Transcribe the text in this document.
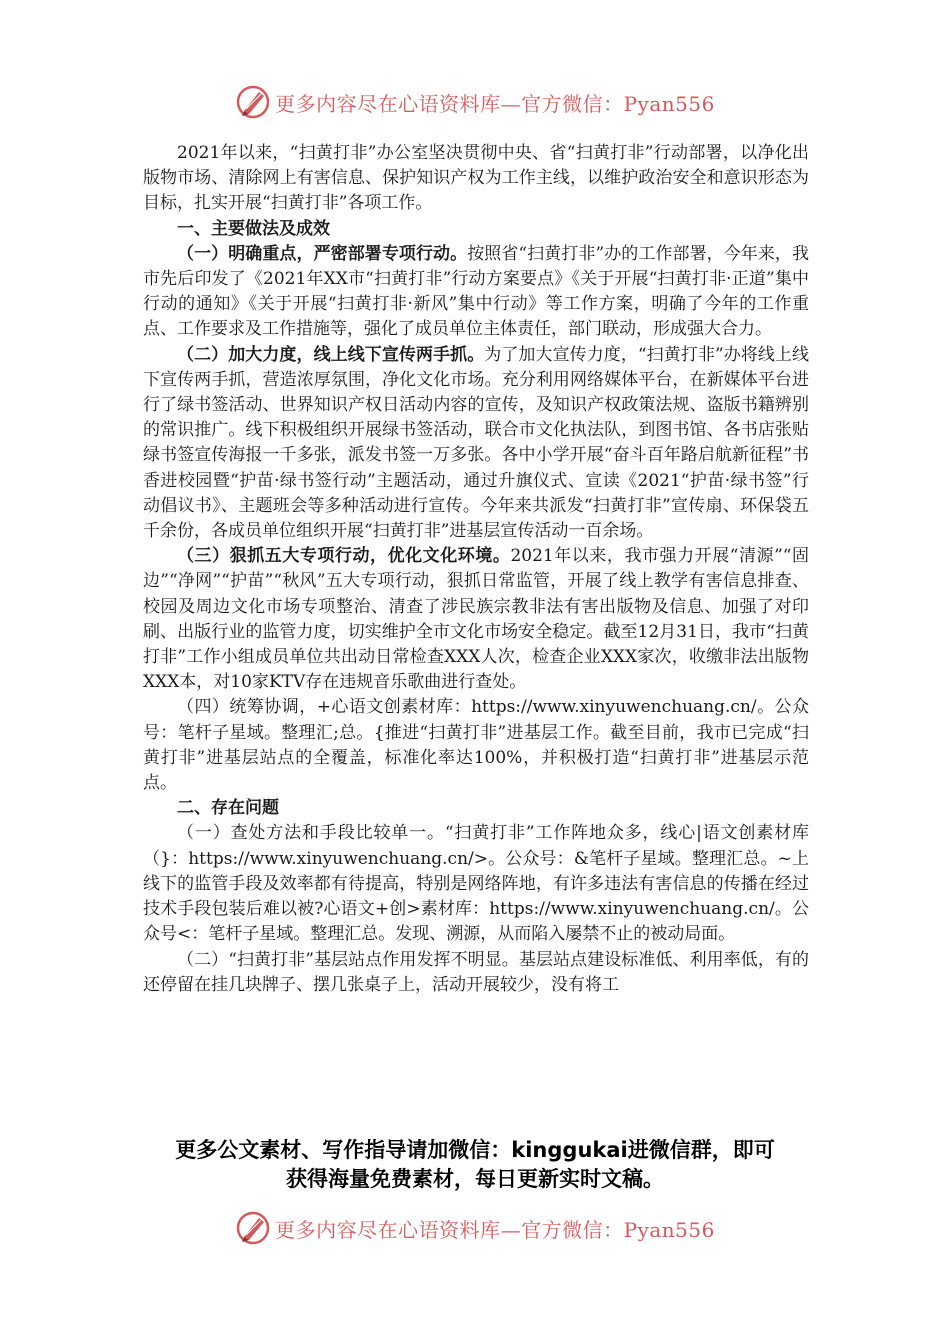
更多内容尽在心语资料库—官方微信：Pyan556

2021年以来，“扫黄打非”办公室坚决贯彻中央、省“扫黄打非”行动部署，以净化出版物市场、清除网上有害信息、保护知识产权为工作主线，以维护政治安全和意识形态为目标，扎实开展“扫黄打非”各项工作。

一、主要做法及成效

（一）明确重点，严密部署专项行动。按照省“扫黄打非”办的工作部署，今年来，我市先后印发了《2021年XX市“扫黄打非”行动方案要点》《关于开展“扫黄打非·正道”集中行动的通知》《关于开展“扫黄打非·新风”集中行动》等工作方案，明确了今年的工作重点、工作要求及工作措施等，强化了成员单位主体责任，部门联动，形成强大合力。

（二）加大力度，线上线下宣传两手抓。为了加大宣传力度，“扫黄打非”办将线上线下宣传两手抓，营造浓厚氛围，净化文化市场。充分利用网络媒体平台，在新媒体平台进行了绿书签活动、世界知识产权日活动内容的宣传，及知识产权政策法规、盗版书籍辨别的常识推广。线下积极组织开展绿书签活动，联合市文化执法队，到图书馆、各书店张贴绿书签宣传海报一千多张，派发书签一万多张。各中小学开展“奋斗百年路启航新征程”书香进校园暨“护苗·绿书签行动”主题活动，通过升旗仪式、宣读《2021“护苗·绿书签”行动倡议书》、主题班会等多种活动进行宣传。今年来共派发“扫黄打非”宣传扇、环保袋五千余份，各成员单位组织开展“扫黄打非”进基层宣传活动一百余场。

（三）狠抓五大专项行动，优化文化环境。2021年以来，我市强力开展“清源”“固边”“净网”“护苗”“秋风”五大专项行动，狠抓日常监管，开展了线上教学有害信息排查、校园及周边文化市场专项整治、清查了涉民族宗教非法有害出版物及信息、加强了对印刷、出版行业的监管力度，切实维护全市文化市场安全稳定。截至12月31日，我市“扫黄打非”工作小组成员单位共出动日常检查XXX人次，检查企业XXX家次，收缴非法出版物XXX本，对10家KTV存在违规音乐歌曲进行查处。

（四）统筹协调，+心语文创素材库：https://www.xinyuwenchuang.cn/。公众号：笔杆子星域。整理汇;总。{推进“扫黄打非”进基层工作。截至目前，我市已完成“扫黄打非”进基层站点的全覆盖，标准化率达100%，并积极打造“扫黄打非”进基层示范点。

二、存在问题

（一）查处方法和手段比较单一。“扫黄打非”工作阵地众多，线心|语文创素材库（}：https://www.xinyuwenchuang.cn/>。公众号：&笔杆子星域。整理汇总。~上线下的监管手段及效率都有待提高，特别是网络阵地，有许多违法有害信息的传播在经过技术手段包装后难以被?心语文+创>素材库：https://www.xinyuwenchuang.cn/。公众号<：笔杆子星域。整理汇总。发现、溯源，从而陷入屡禁不止的被动局面。

（二）“扫黄打非”基层站点作用发挥不明显。基层站点建设标准低、利用率低，有的还停留在挂几块牌子、摆几张桌子上，活动开展较少，没有将工

更多公文素材、写作指导请加微信：kinggukai进微信群，即可
获得海量免费素材，每日更新实时文稿。
更多内容尽在心语资料库—官方微信：Pyan556
